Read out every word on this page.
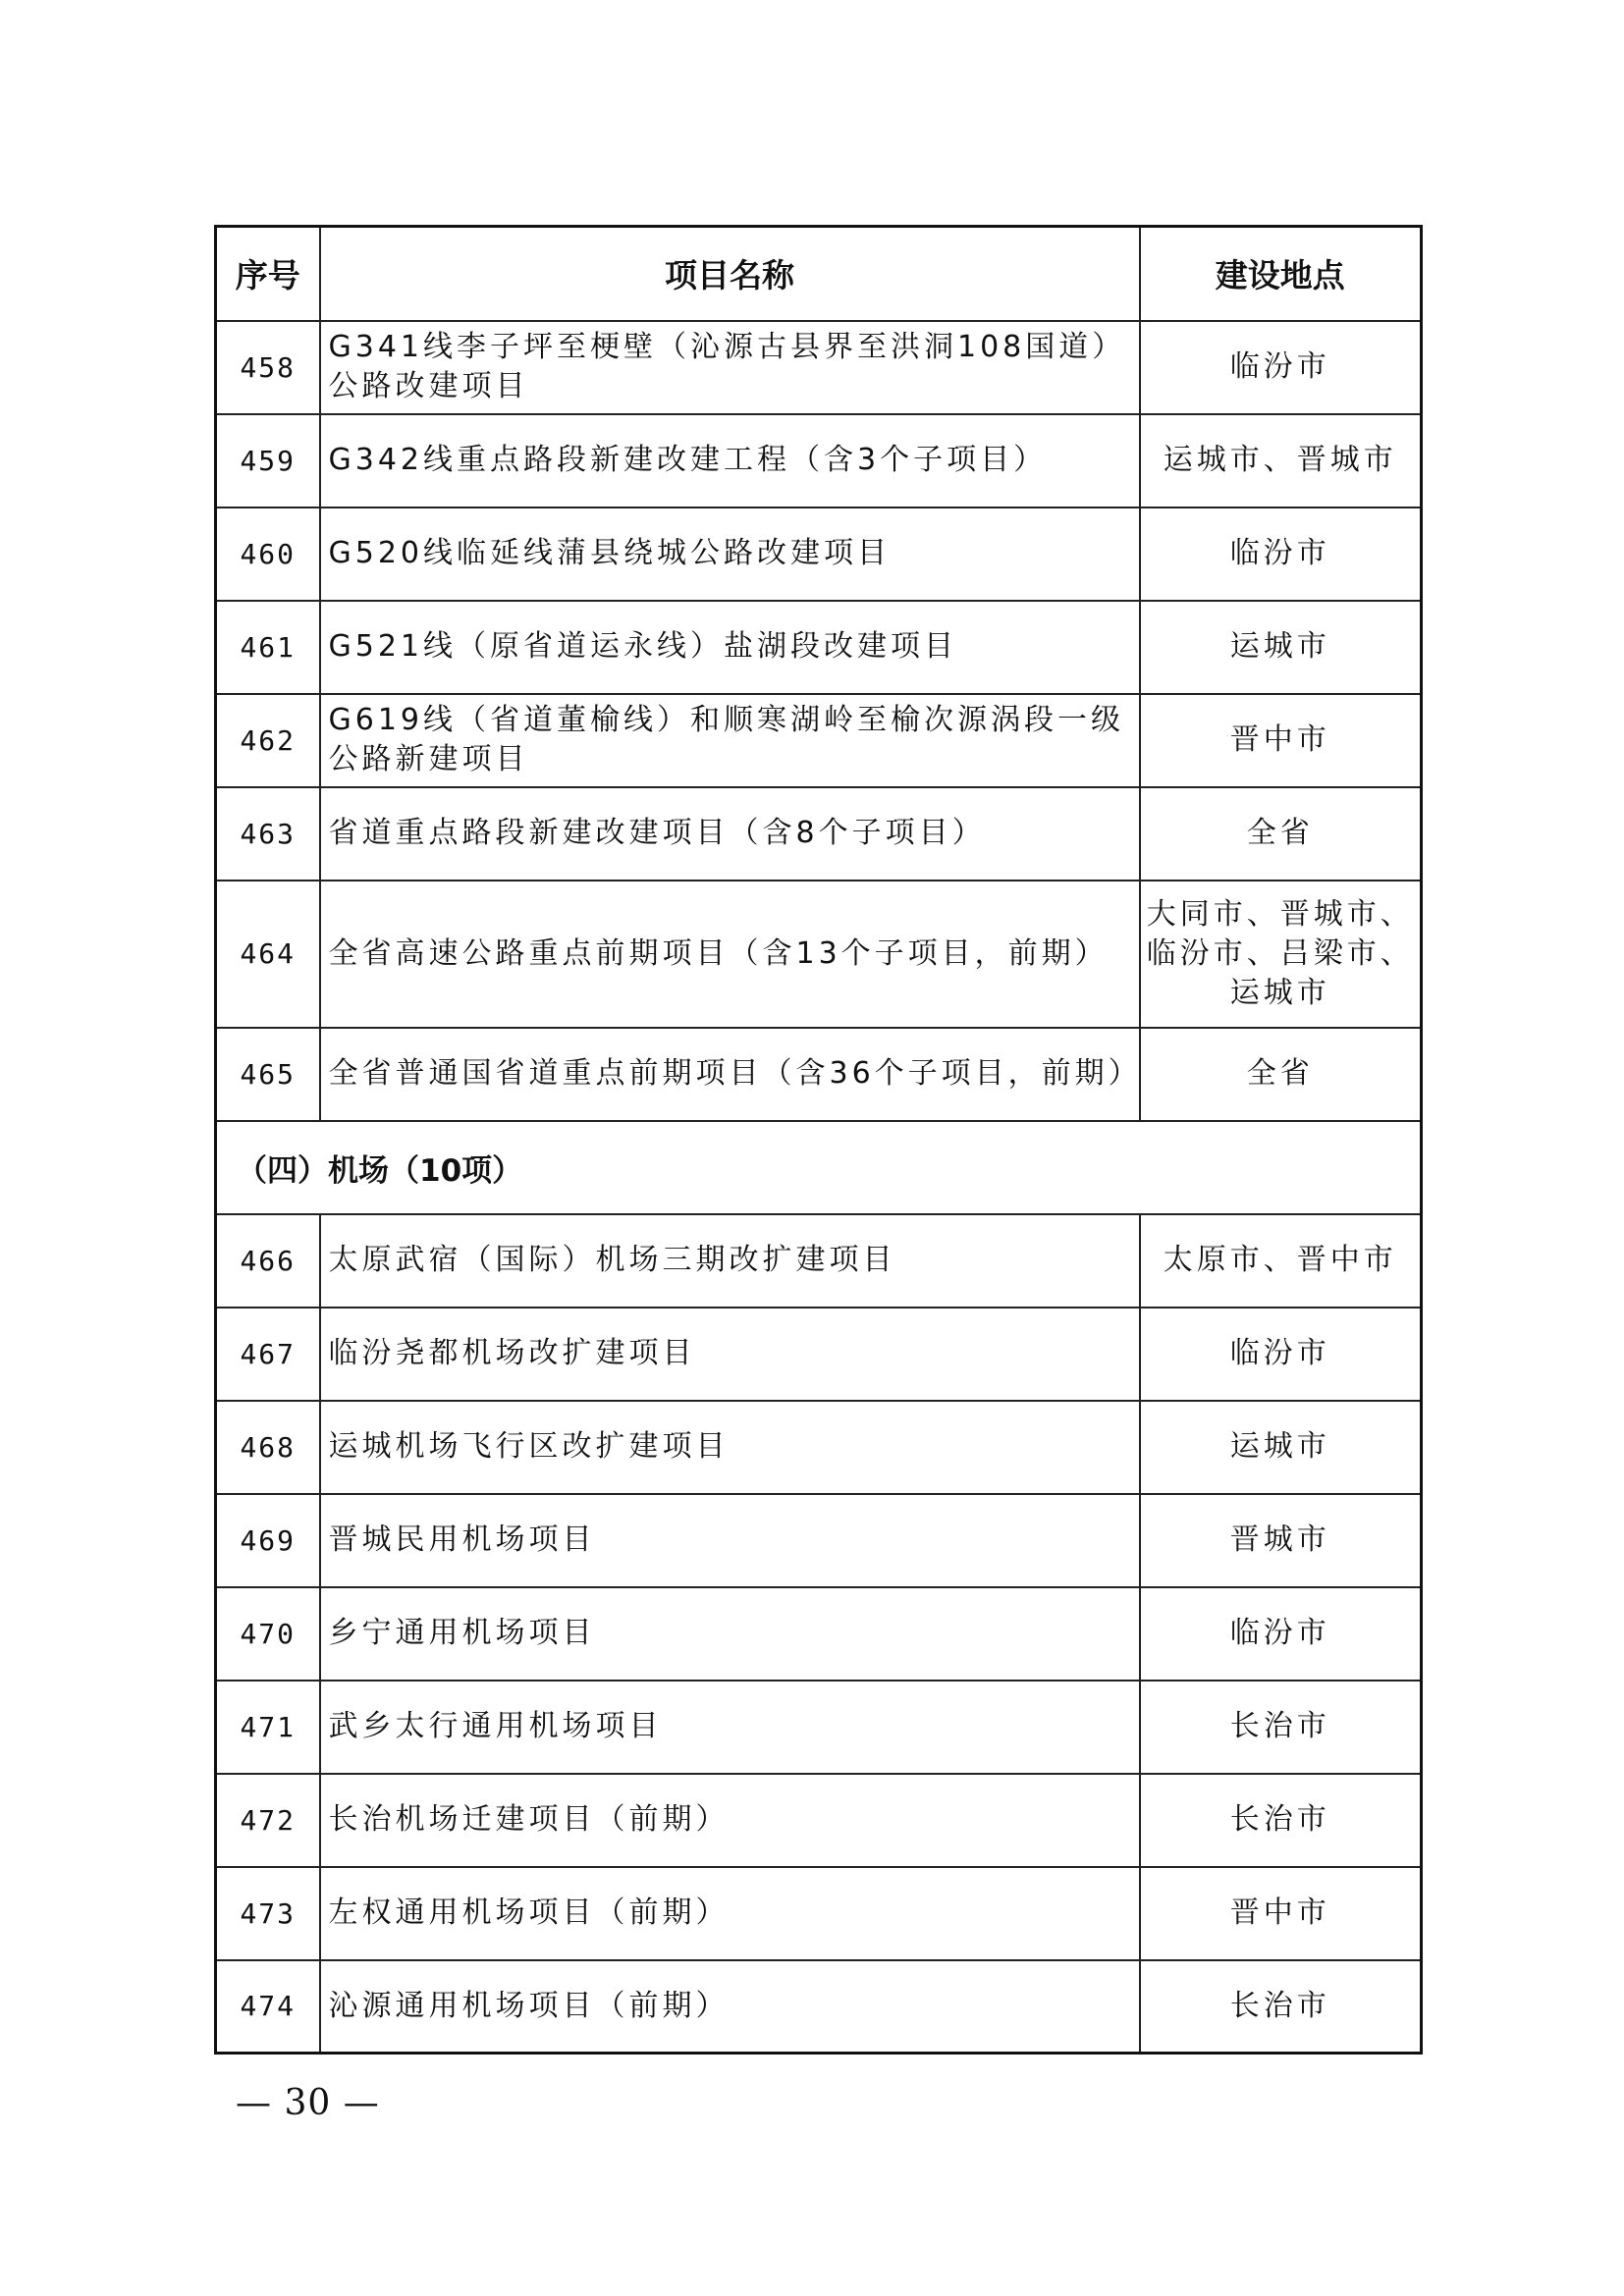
序号	项目名称	建设地点
458	G341线李子坪至梗壁（沁源古县界至洪洞108国道）公路改建项目	临汾市
459	G342线重点路段新建改建工程（含3个子项目）	运城市、晋城市
460	G520线临延线蒲县绕城公路改建项目	临汾市
461	G521线（原省道运永线）盐湖段改建项目	运城市
462	G619线（省道董榆线）和顺寒湖岭至榆次源涡段一级公路新建项目	晋中市
463	省道重点路段新建改建项目（含8个子项目）	全省
464	全省高速公路重点前期项目（含13个子项目，前期）	大同市、晋城市、临汾市、吕梁市、运城市
465	全省普通国省道重点前期项目（含36个子项目，前期）	全省
（四）机场（10项）		
466	太原武宿（国际）机场三期改扩建项目	太原市、晋中市
467	临汾尧都机场改扩建项目	临汾市
468	运城机场飞行区改扩建项目	运城市
469	晋城民用机场项目	晋城市
470	乡宁通用机场项目	临汾市
471	武乡太行通用机场项目	长治市
472	长治机场迁建项目（前期）	长治市
473	左权通用机场项目（前期）	晋中市
474	沁源通用机场项目（前期）	长治市
— 30 —
